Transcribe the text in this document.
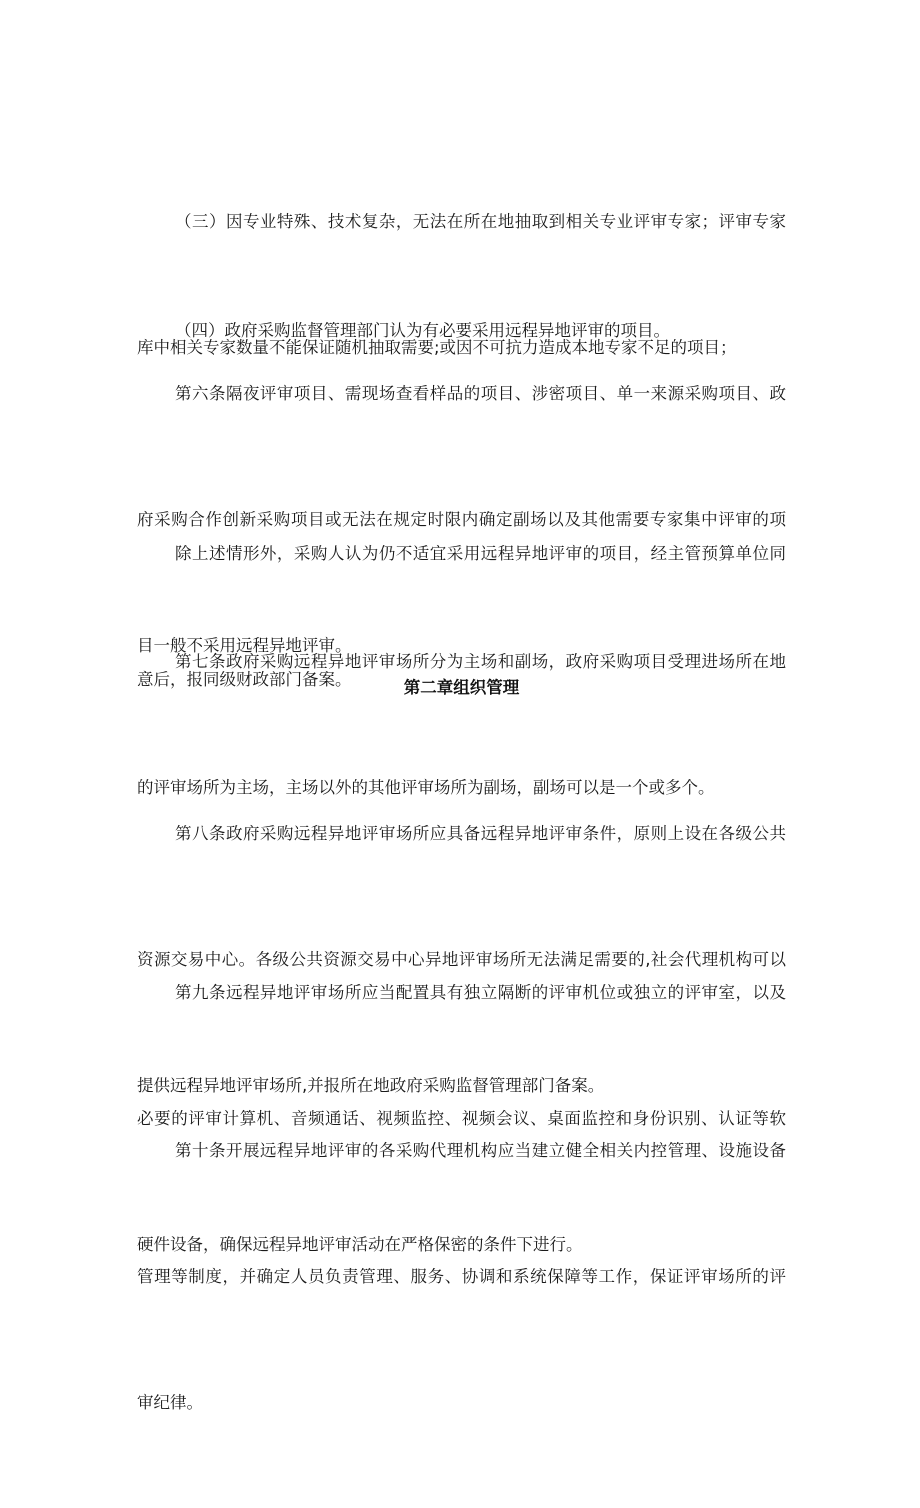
（三）因专业特殊、技术复杂，无法在所在地抽取到相关专业评审专家；评审专家

库中相关专家数量不能保证随机抽取需要;或因不可抗力造成本地专家不足的项目；

（四）政府采购监督管理部门认为有必要采用远程异地评审的项目。

第六条隔夜评审项目、需现场查看样品的项目、涉密项目、单一来源采购项目、政

府采购合作创新采购项目或无法在规定时限内确定副场以及其他需要专家集中评审的项

目一般不采用远程异地评审。

除上述情形外，采购人认为仍不适宜采用远程异地评审的项目，经主管预算单位同

意后，报同级财政部门备案。

第七条政府采购远程异地评审场所分为主场和副场，政府采购项目受理进场所在地

的评审场所为主场，主场以外的其他评审场所为副场，副场可以是一个或多个。

第二章组织管理

第八条政府采购远程异地评审场所应具备远程异地评审条件，原则上设在各级公共

资源交易中心。各级公共资源交易中心异地评审场所无法满足需要的,社会代理机构可以

提供远程异地评审场所,并报所在地政府采购监督管理部门备案。

第九条远程异地评审场所应当配置具有独立隔断的评审机位或独立的评审室，以及

必要的评审计算机、音频通话、视频监控、视频会议、桌面监控和身份识别、认证等软

硬件设备，确保远程异地评审活动在严格保密的条件下进行。

第十条开展远程异地评审的各采购代理机构应当建立健全相关内控管理、设施设备

管理等制度，并确定人员负责管理、服务、协调和系统保障等工作，保证评审场所的评

审纪律。
